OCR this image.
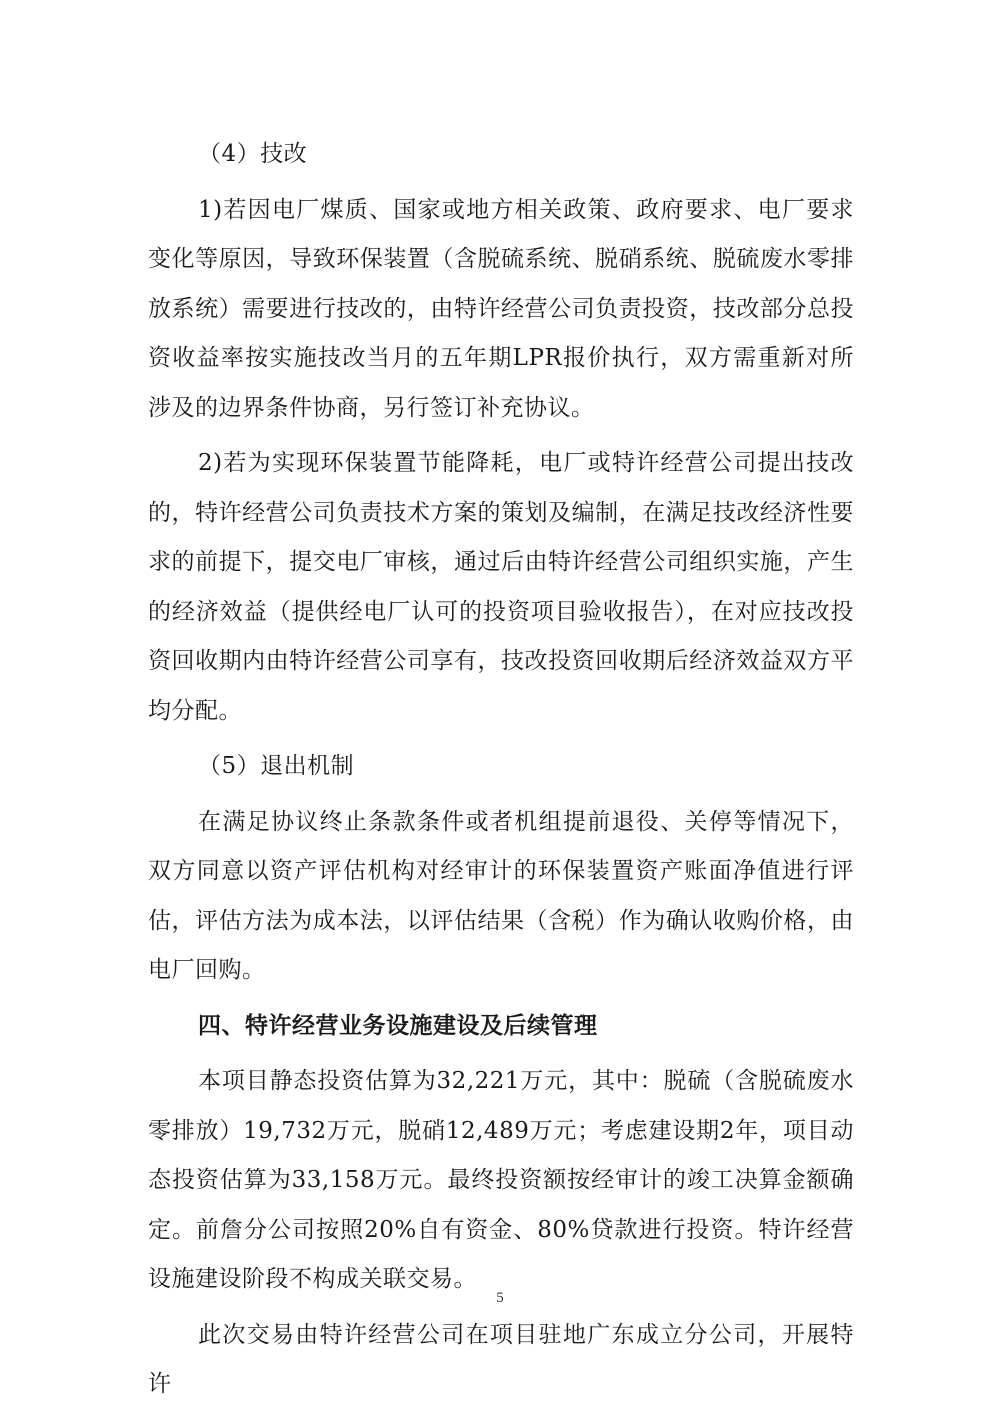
（4）技改

1)若因电厂煤质、国家或地方相关政策、政府要求、电厂要求变化等原因，导致环保装置（含脱硫系统、脱硝系统、脱硫废水零排放系统）需要进行技改的，由特许经营公司负责投资，技改部分总投资收益率按实施技改当月的五年期LPR报价执行，双方需重新对所涉及的边界条件协商，另行签订补充协议。

2)若为实现环保装置节能降耗，电厂或特许经营公司提出技改的，特许经营公司负责技术方案的策划及编制，在满足技改经济性要求的前提下，提交电厂审核，通过后由特许经营公司组织实施，产生的经济效益（提供经电厂认可的投资项目验收报告），在对应技改投资回收期内由特许经营公司享有，技改投资回收期后经济效益双方平均分配。

（5）退出机制

在满足协议终止条款条件或者机组提前退役、关停等情况下，双方同意以资产评估机构对经审计的环保装置资产账面净值进行评估，评估方法为成本法，以评估结果（含税）作为确认收购价格，由电厂回购。

四、特许经营业务设施建设及后续管理

本项目静态投资估算为32,221万元，其中：脱硫（含脱硫废水零排放）19,732万元，脱硝12,489万元；考虑建设期2年，项目动态投资估算为33,158万元。最终投资额按经审计的竣工决算金额确定。前詹分公司按照20%自有资金、80%贷款进行投资。特许经营设施建设阶段不构成关联交易。

此次交易由特许经营公司在项目驻地广东成立分公司，开展特许

5
